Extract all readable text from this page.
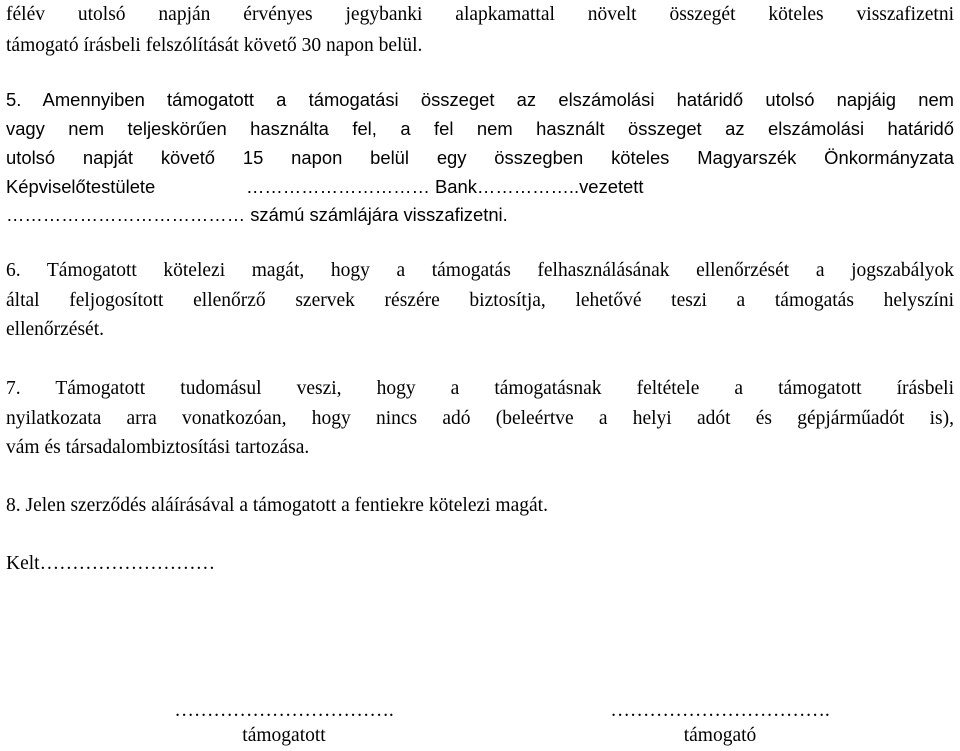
félév utolsó napján érvényes jegybanki alapkamattal növelt összegét köteles visszafizetni
támogató írásbeli felszólítását követő 30 napon belül.
5. Amennyiben támogatott a támogatási összeget az elszámolási határidő utolsó napjáig nem
vagy nem teljeskörűen használta fel, a fel nem használt összeget az elszámolási határidő
utolsó napját követő 15 napon belül egy összegben köteles Magyarszék Önkormányzata
Képviselőtestülete	………………………… Bank……………..vezetett
………………………………… számú számlájára visszafizetni.
6. Támogatott kötelezi magát, hogy a támogatás felhasználásának ellenőrzését a jogszabályok
által feljogosított ellenőrző szervek részére biztosítja, lehetővé teszi a támogatás helyszíni
ellenőrzését.
7. Támogatott tudomásul veszi, hogy a támogatásnak feltétele a támogatott írásbeli
nyilatkozata arra vonatkozóan, hogy nincs adó (beleértve a helyi adót és gépjárműadót is),
vám és társadalombiztosítási tartozása.
8. Jelen szerződés aláírásával a támogatott a fentiekre kötelezi magát.
Kelt………………………
…………………………….
támogatott
…………………………….
támogató
